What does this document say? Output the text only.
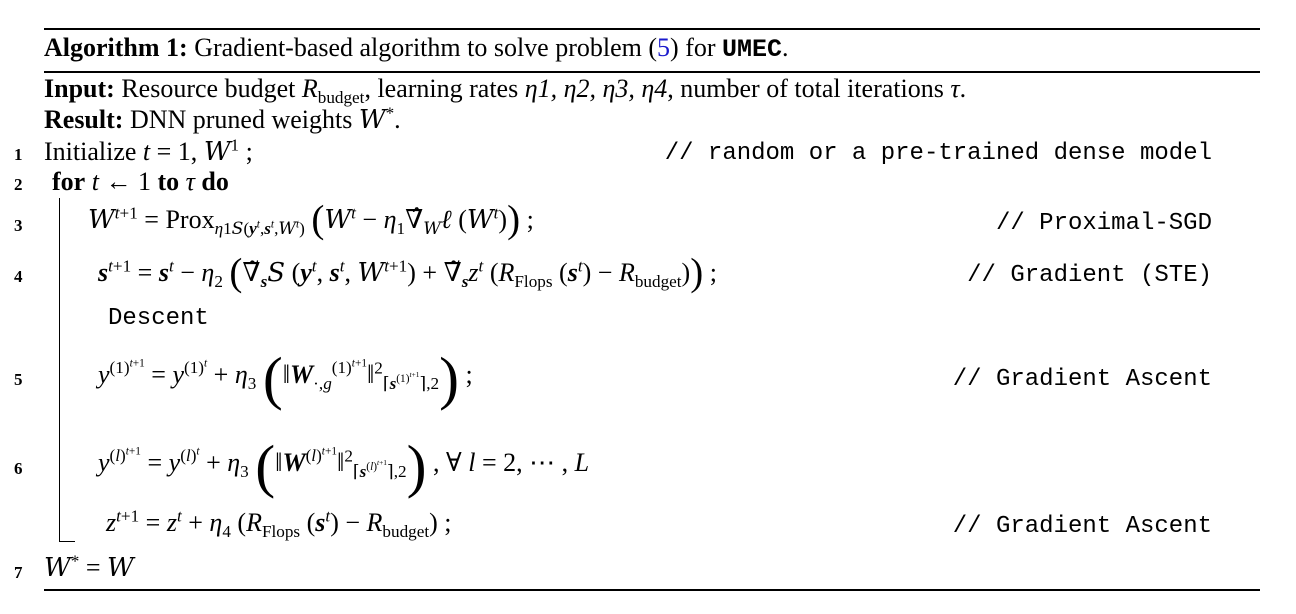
Algorithm 1: Gradient-based algorithm to solve problem (5) for UMEC.
Input: Resource budget $R_{budget}$, learning rates η1, η2, η3, η4, number of total iterations τ.
Result: DNN pruned weights W*.
1 Initialize t = 1, $W^1$ ;	// random or a pre-trained dense model
2 for t ← 1 to τ do
3	$W^{t+1}$ = Prox$_{\eta 1S(y^t,s^t,W^t)}$ ($W^t$ − $\eta_1\nablâ_W\ell$ $(W^t)$) ;	// Proximal-SGD
4	$s^{t+1} = s^t - \eta_2$ ($\nablã_sS$ ($y^t$, $s^t$, $W^{t+1}$) + $\nablã_sz^t$ ($R_{Flops}$ $(s^t) - R_{budget}$)) ;	// Gradient (STE)
Descent
5	$y^{(1)^{t+1}} = y^{(1)^t} + \eta_3$ $(‖W_{\cdot,g}^{(1)^{t+1}}‖^2_{⌈s^{(1)^{t+1}}⌉,2})$ ;	// Gradient Ascent
6	$y^{(l)^{t+1}} = y^{(l)^t} + \eta_3$ $(‖W^{(l)^{t+1}}‖^2_{⌈s^{(l)^{t+1}}⌉,2})$ , ∀ l = 2, ⋯ , L
$z^{t+1} = z^t + \eta_4$ ($R_{Flops}$ $(s^t) - R_{budget}$) ;	// Gradient Ascent
7 W* = W
